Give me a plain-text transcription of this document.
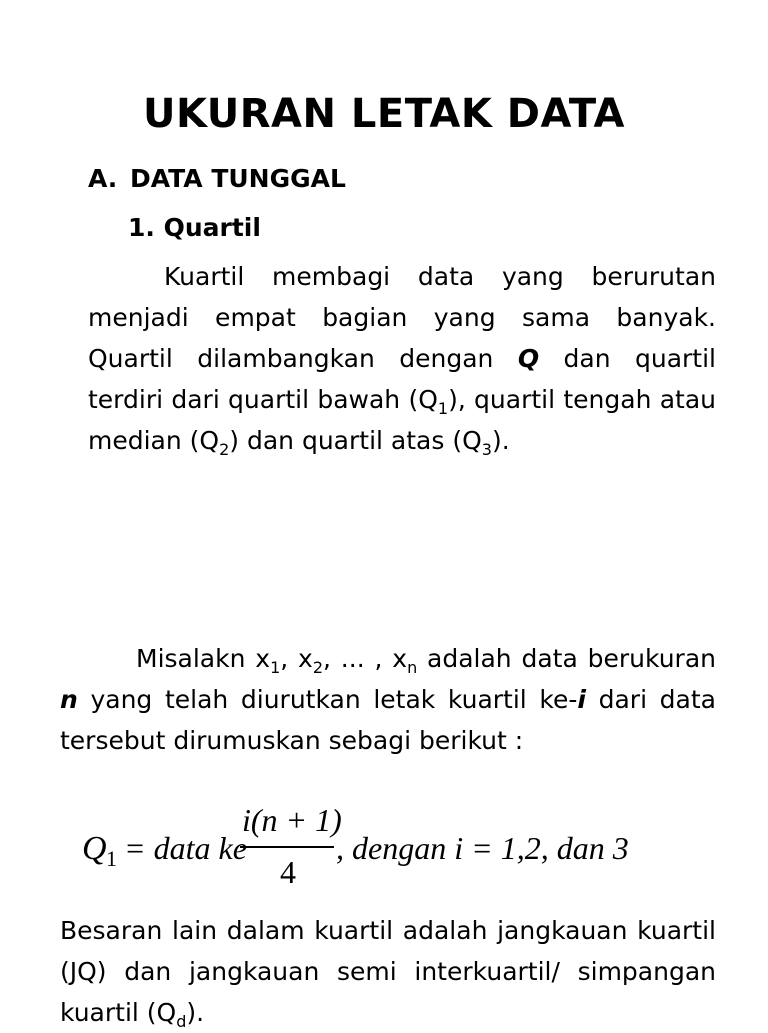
UKURAN LETAK DATA
A. DATA TUNGGAL
1. Quartil

Kuartil membagi data yang berurutan menjadi empat bagian yang sama banyak. Quartil dilambangkan dengan Q dan quartil terdiri dari quartil bawah $(Q_1)$, quartil tengah atau median $(Q_2)$ dan quartil atas $(Q_3)$.

Misalakn $x_1$, $x_2$, ... , $x_n$ adalah data berukuran n yang telah diurutkan letak kuartil ke-i dari data tersebut dirumuskan sebagi berikut :

Q 1 = data ke
i(n + 1)
4
, dengan i = 1,2, dan 3

Besaran lain dalam kuartil adalah jangkauan kuartil (JQ) dan jangkauan semi interkuartil/ simpangan kuartil $(Q_d)$.
